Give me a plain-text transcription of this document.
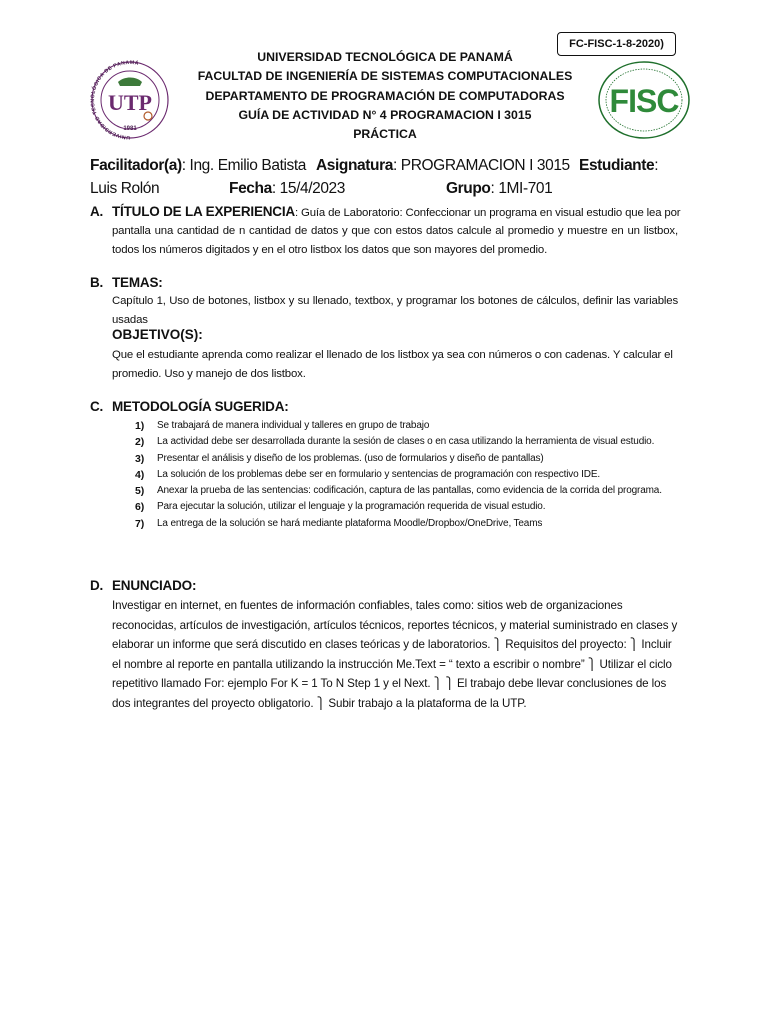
FC-FISC-1-8-2020)
UNIVERSIDAD TECNOLÓGICA DE PANAMÁ
UTP
1981
FISC
UNIVERSIDAD TECNOLÓGICA DE PANAMÁ
FACULTAD DE INGENIERÍA DE SISTEMAS COMPUTACIONALES
DEPARTAMENTO DE PROGRAMACIÓN DE COMPUTADORAS
GUÍA DE ACTIVIDAD N° 4 PROGRAMACION I 3015
PRÁCTICA
Facilitador(a): Ing. Emilio Batista Asignatura: PROGRAMACION I 3015 Estudiante:
Luis Rolón	Fecha: 15/4/2023	Grupo: 1MI-701
A. TÍTULO DE LA EXPERIENCIA: Guía de Laboratorio: Confeccionar un programa en visual estudio que lea por
pantalla una cantidad de n cantidad de datos y que con estos datos calcule al promedio y muestre en un listbox, todos los números digitados y en el otro listbox los datos que son mayores del promedio.
B. TEMAS:
Capítulo 1, Uso de botones, listbox y su llenado, textbox, y programar los botones de cálculos, definir las variables usadas
OBJETIVO(S):
Que el estudiante aprenda como realizar el llenado de los listbox ya sea con números o con cadenas. Y calcular el promedio. Uso y manejo de dos listbox.
C. METODOLOGÍA SUGERIDA:
1)	Se trabajará de manera individual y talleres en grupo de trabajo
2)	La actividad debe ser desarrollada durante la sesión de clases o en casa utilizando la herramienta de visual estudio.
3)	Presentar el análisis y diseño de los problemas. (uso de formularios y diseño de pantallas)
4)	La solución de los problemas debe ser en formulario y sentencias de programación con respectivo IDE.
5)	Anexar la prueba de las sentencias: codificación, captura de las pantallas, como evidencia de la corrida del programa.
6)	Para ejecutar la solución, utilizar el lenguaje y la programación requerida de visual estudio.
7)	La entrega de la solución se hará mediante plataforma Moodle/Dropbox/OneDrive, Teams
D. ENUNCIADO:
Investigar en internet, en fuentes de información confiables, tales como: sitios web de organizaciones reconocidas, artículos de investigación, artículos técnicos, reportes técnicos, y material suministrado en clases y elaborar un informe que será discutido en clases teóricas y de laboratorios. ⎫ Requisitos del proyecto: ⎫ Incluir el nombre al reporte en pantalla utilizando la instrucción Me.Text = “ texto a escribir o nombre” ⎫ Utilizar el ciclo repetitivo llamado For: ejemplo For K = 1 To N Step 1 y el Next. ⎫ ⎫ El trabajo debe llevar conclusiones de los dos integrantes del proyecto obligatorio. ⎫ Subir trabajo a la plataforma de la UTP.
